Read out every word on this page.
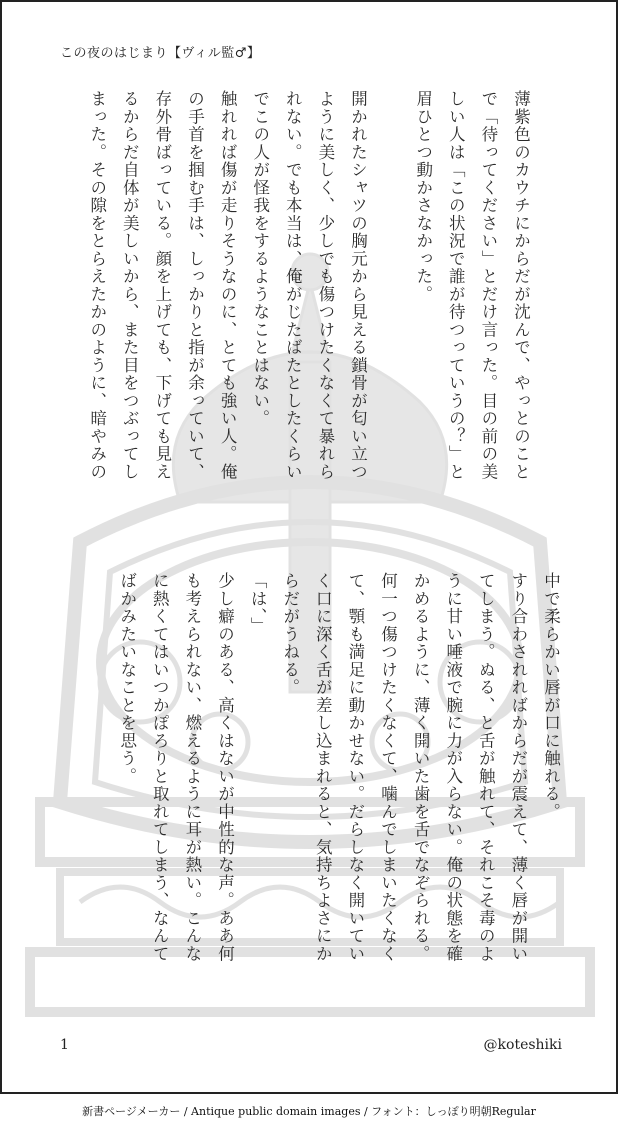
この夜のはじまり【ヴィル監♂】
薄紫色のカウチにからだが沈んで、やっとのこと
で「待ってください」とだけ言った。目の前の美
しい人は「この状況で誰が待つっていうの？」と
眉ひとつ動かさなかった。
開かれたシャツの胸元から見える鎖骨が匂い立つ
ように美しく、少しでも傷つけたくなくて暴れら
れない。でも本当は、俺がじたばたとしたくらい
でこの人が怪我をするようなことはない。
触れれば傷が走りそうなのに、とても強い人。俺
の手首を掴む手は、しっかりと指が余っていて、
存外骨ばっている。顔を上げても、下げても見え
るからだ自体が美しいから、また目をつぶってし
まった。その隙をとらえたかのように、暗やみの
中で柔らかい唇が口に触れる。
すり合わされればからだが震えて、薄く唇が開い
てしまう。ぬる、と舌が触れて、それこそ毒のよ
うに甘い唾液で腕に力が入らない。俺の状態を確
かめるように、薄く開いた歯を舌でなぞられる。
何一つ傷つけたくなくて、噛んでしまいたくなく
て、顎も満足に動かせない。だらしなく開いてい
く口に深く舌が差し込まれると、気持ちよさにか
らだがうねる。
「は、」
少し癖のある、高くはないが中性的な声。ああ何
も考えられない、燃えるように耳が熱い。こんな
に熱くてはいつかぽろりと取れてしまう、なんて
ばかみたいなことを思う。
1	@koteshiki
新書ページメーカー / Antique public domain images / フォント：しっぽり明朝Regular
